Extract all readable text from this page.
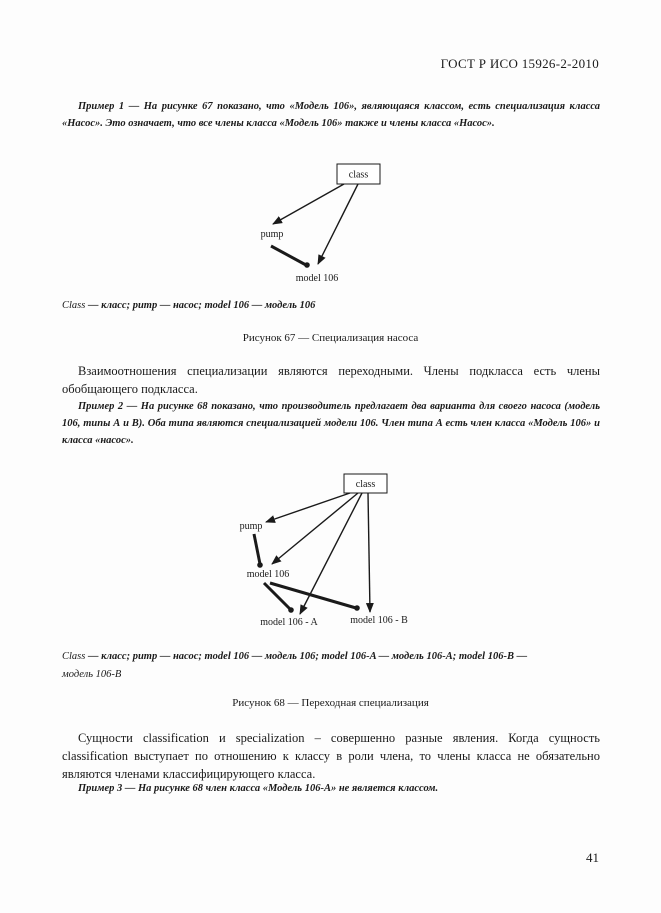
ГОСТ Р ИСО 15926-2-2010
Пример 1 — На рисунке 67 показано, что «Модель 106», являющаяся классом, есть специализация класса «Насос». Это означает, что все члены класса «Модель 106» также и члены класса «Насос».
class
pump
model 106
Class — класс; pump — насос; model 106 — модель 106
Рисунок 67 — Специализация насоса
Взаимоотношения специализации являются переходными. Члены подкласса есть члены обобщающего подкласса.
Пример 2 — На рисунке 68 показано, что производитель предлагает два варианта для своего насоса (модель 106, типы А и В). Оба типа являются специализацией модели 106. Член типа А есть член класса «Модель 106» и класса «насос».
class
pump
model 106
model 106 - A	model 106 - B
Class — класс; pump — насос; model 106 — модель 106; model 106-A — модель 106-A; model 106-B —
модель 106-B
Рисунок 68 — Переходная специализация
Сущности classification и specialization – совершенно разные явления. Когда сущность classification выступает по отношению к классу в роли члена, то члены класса не обязательно являются членами классифицирующего класса.
Пример 3 — На рисунке 68 член класса «Модель 106-А» не является классом.
41
